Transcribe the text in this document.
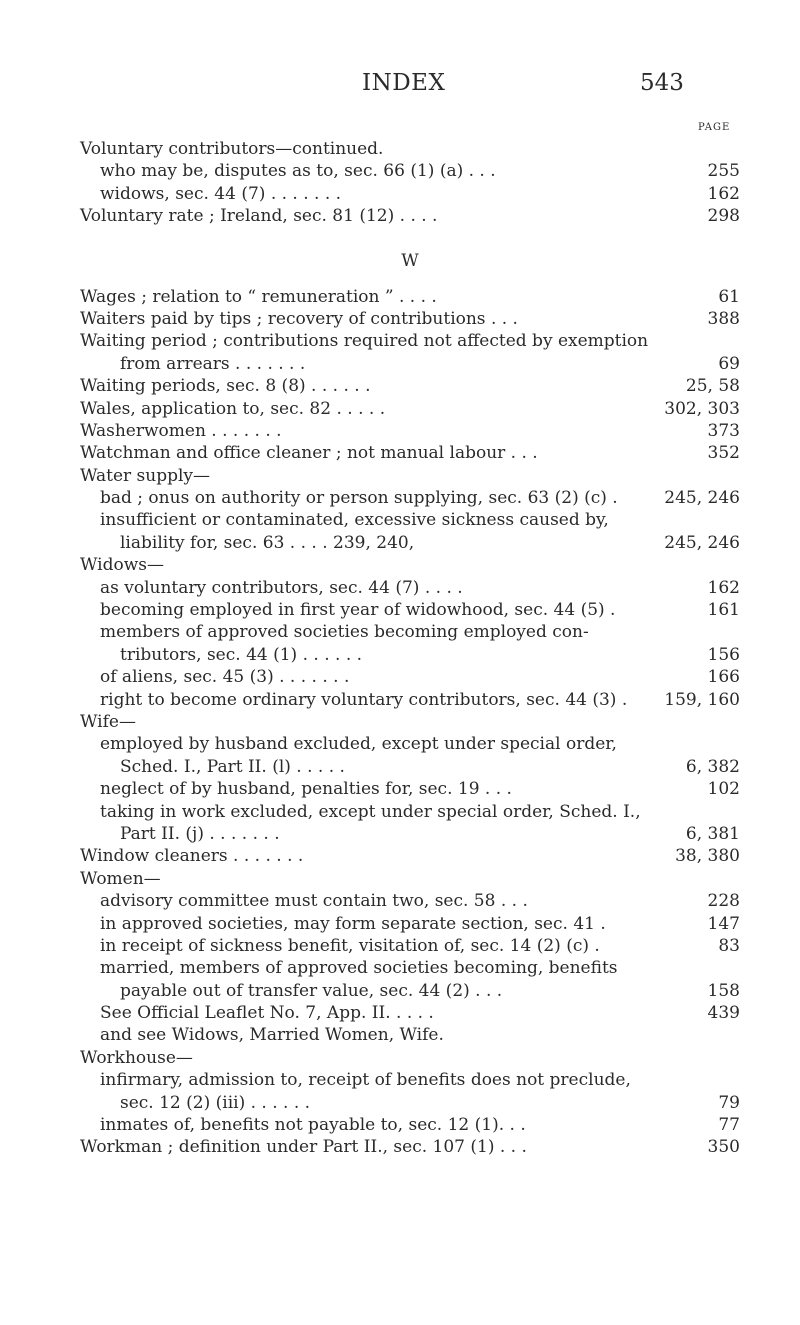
INDEX	543
PAGE
Voluntary contributors—continued.
who may be, disputes as to, sec. 66 (1) (a) . . .	255
widows, sec. 44 (7) . . . . . . .	162
Voluntary rate ; Ireland, sec. 81 (12) . . . .	298
W
Wages ; relation to “ remuneration ” . . . .	61
Waiters paid by tips ; recovery of contributions . . .	388
Waiting period ; contributions required not affected by exemption
from arrears . . . . . . .	69
Waiting periods, sec. 8 (8) . . . . . .	25, 58
Wales, application to, sec. 82 . . . . .	302, 303
Washerwomen . . . . . . .	373
Watchman and office cleaner ; not manual labour . . .	352
Water supply—
bad ; onus on authority or person supplying, sec. 63 (2) (c) .	245, 246
insufficient or contaminated, excessive sickness caused by,
liability for, sec. 63 . . . . 239, 240,	245, 246
Widows—
as voluntary contributors, sec. 44 (7) . . . .	162
becoming employed in first year of widowhood, sec. 44 (5) .	161
members of approved societies becoming employed con-
tributors, sec. 44 (1) . . . . . .	156
of aliens, sec. 45 (3) . . . . . . .	166
right to become ordinary voluntary contributors, sec. 44 (3) . 159, 160
Wife—
employed by husband excluded, except under special order,
Sched. I., Part II. (l) . . . . .	6, 382
neglect of by husband, penalties for, sec. 19 . . .	102
taking in work excluded, except under special order, Sched. I.,
Part II. (j) . . . . . . .	6, 381
Window cleaners . . . . . . .	38, 380
Women—
advisory committee must contain two, sec. 58 . . .	228
in approved societies, may form separate section, sec. 41 .	147
in receipt of sickness benefit, visitation of, sec. 14 (2) (c) .	83
married, members of approved societies becoming, benefits
payable out of transfer value, sec. 44 (2) . . .	158
See Official Leaflet No. 7, App. II. . . . .	439
and see Widows, Married Women, Wife.
Workhouse—
infirmary, admission to, receipt of benefits does not preclude,
sec. 12 (2) (iii) . . . . . .	79
inmates of, benefits not payable to, sec. 12 (1). . .	77
Workman ; definition under Part II., sec. 107 (1) . . .	350
